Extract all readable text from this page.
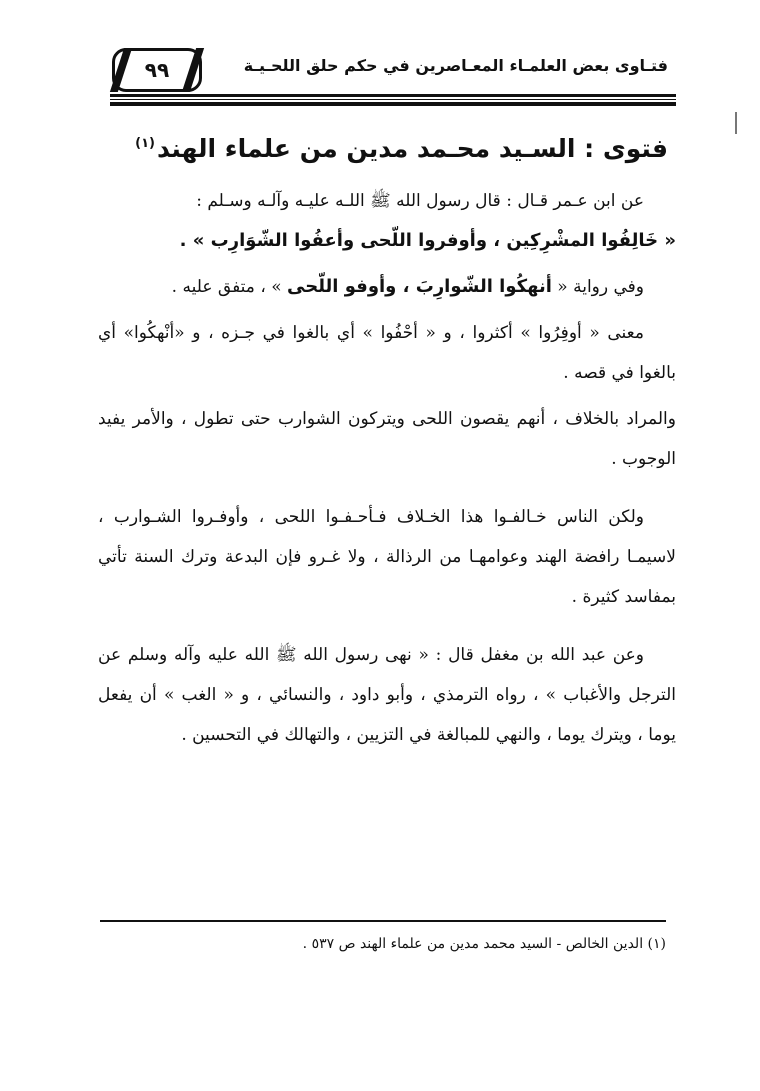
٩٩	فتـاوى بعض العلمـاء المعـاصرين في حكم حلق اللحـيـة
فتوى : السـيد محـمد مدين من علماء الهند$^{(١)}$

عن ابن عـمر قـال : قال رسول الله ﷺ اللـه عليـه وآلـه وسـلم :
« خَالِفُوا المشْرِكِين ، وأوفروا اللّحى وأعفُوا الشّوَارِب » .

وفي رواية « أنهكُوا الشّوارِبَ ، وأوفو اللّحى » ، متفق عليه .

معنى « أوفِرُوا » أكثروا ، و « أحْفُوا » أي بالغوا في جـزه ، و «أنْهكُوا» أي بالغوا في قصه .

والمراد بالخلاف ، أنهم يقصون اللحى ويتركون الشوارب حتى تطول ، والأمر يفيد الوجوب .

ولكن الناس خـالفـوا هذا الخـلاف فـأحـفـوا اللحى ، وأوفـروا الشـوارب ، لاسيمـا رافضة الهند وعوامهـا من الرذالة ، ولا غـرو فإن البدعة وترك السنة تأتي بمفاسد كثيرة .

وعن عبد الله بن مغفل قال : « نهى رسول الله ﷺ الله عليه وآله وسلم عن الترجل والأغباب » ، رواه الترمذي ، وأبو داود ، والنسائي ، و « الغب » أن يفعل يوما ، ويترك يوما ، والنهي للمبالغة في التزيين ، والتهالك في التحسين .

(١) الدين الخالص - السيد محمد مدين من علماء الهند ص ٥٣٧ .
